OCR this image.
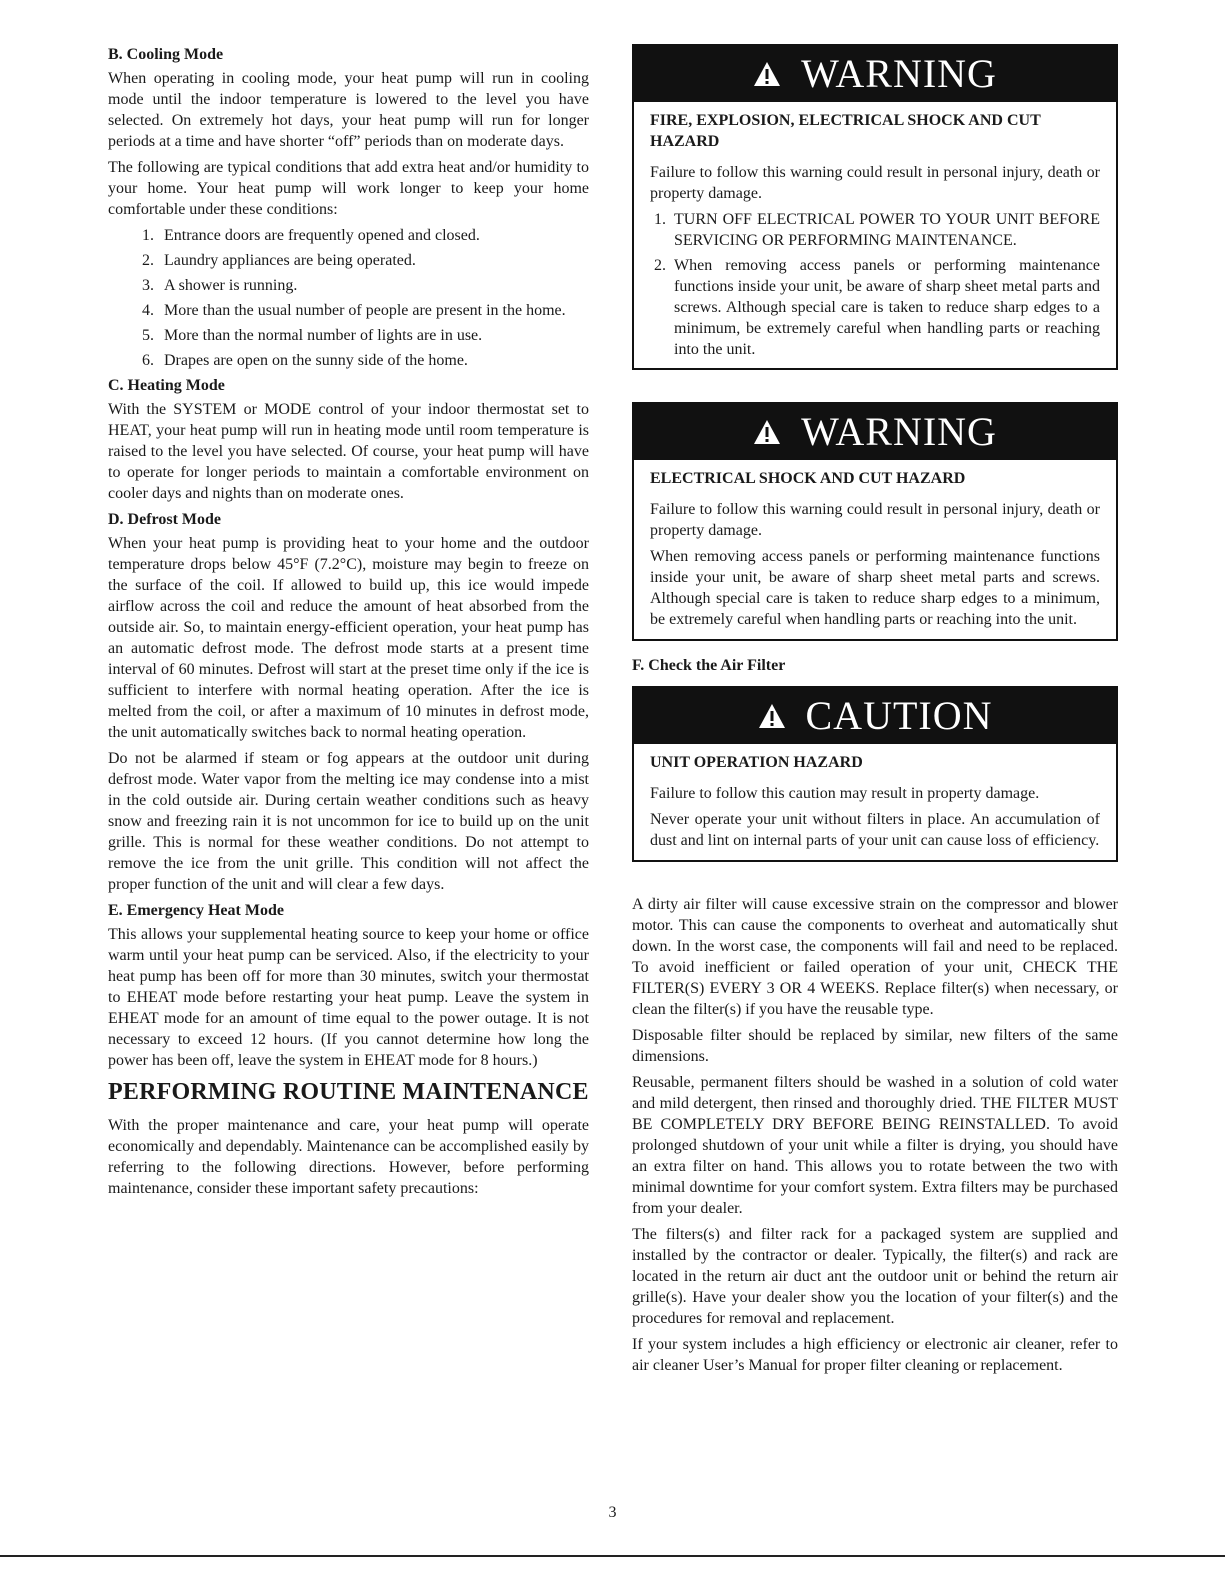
B. Cooling Mode

When operating in cooling mode, your heat pump will run in cooling mode until the indoor temperature is lowered to the level you have selected. On extremely hot days, your heat pump will run for longer periods at a time and have shorter “off” periods than on moderate days.

The following are typical conditions that add extra heat and/or humidity to your home. Your heat pump will work longer to keep your home comfortable under these conditions:

1. Entrance doors are frequently opened and closed.
2. Laundry appliances are being operated.
3. A shower is running.
4. More than the usual number of people are present in the home.
5. More than the normal number of lights are in use.
6. Drapes are open on the sunny side of the home.
C. Heating Mode

With the SYSTEM or MODE control of your indoor thermostat set to HEAT, your heat pump will run in heating mode until room temperature is raised to the level you have selected. Of course, your heat pump will have to operate for longer periods to maintain a comfortable environment on cooler days and nights than on moderate ones.

D. Defrost Mode

When your heat pump is providing heat to your home and the outdoor temperature drops below 45°F (7.2°C), moisture may begin to freeze on the surface of the coil. If allowed to build up, this ice would impede airflow across the coil and reduce the amount of heat absorbed from the outside air. So, to maintain energy-efficient operation, your heat pump has an automatic defrost mode. The defrost mode starts at a present time interval of 60 minutes. Defrost will start at the preset time only if the ice is sufficient to interfere with normal heating operation. After the ice is melted from the coil, or after a maximum of 10 minutes in defrost mode, the unit automatically switches back to normal heating operation.

Do not be alarmed if steam or fog appears at the outdoor unit during defrost mode. Water vapor from the melting ice may condense into a mist in the cold outside air. During certain weather conditions such as heavy snow and freezing rain it is not uncommon for ice to build up on the unit grille. This is normal for these weather conditions. Do not attempt to remove the ice from the unit grille. This condition will not affect the proper function of the unit and will clear a few days.

E. Emergency Heat Mode

This allows your supplemental heating source to keep your home or office warm until your heat pump can be serviced. Also, if the electricity to your heat pump has been off for more than 30 minutes, switch your thermostat to EHEAT mode before restarting your heat pump. Leave the system in EHEAT mode for an amount of time equal to the power outage. It is not necessary to exceed 12 hours. (If you cannot determine how long the power has been off, leave the system in EHEAT mode for 8 hours.)

PERFORMING ROUTINE MAINTENANCE

With the proper maintenance and care, your heat pump will operate economically and dependably. Maintenance can be accomplished easily by referring to the following directions. However, before performing maintenance, consider these important safety precautions:

WARNING
FIRE, EXPLOSION, ELECTRICAL SHOCK AND CUT HAZARD

Failure to follow this warning could result in personal injury, death or property damage.

1. TURN OFF ELECTRICAL POWER TO YOUR UNIT BEFORE SERVICING OR PERFORMING MAINTENANCE.
2. When removing access panels or performing maintenance functions inside your unit, be aware of sharp sheet metal parts and screws. Although special care is taken to reduce sharp edges to a minimum, be extremely careful when handling parts or reaching into the unit.
WARNING
ELECTRICAL SHOCK AND CUT HAZARD

Failure to follow this warning could result in personal injury, death or property damage.

When removing access panels or performing maintenance functions inside your unit, be aware of sharp sheet metal parts and screws. Although special care is taken to reduce sharp edges to a minimum, be extremely careful when handling parts or reaching into the unit.

F. Check the Air Filter
CAUTION
UNIT OPERATION HAZARD

Failure to follow this caution may result in property damage.

Never operate your unit without filters in place. An accumulation of dust and lint on internal parts of your unit can cause loss of efficiency.

A dirty air filter will cause excessive strain on the compressor and blower motor. This can cause the components to overheat and automatically shut down. In the worst case, the components will fail and need to be replaced. To avoid inefficient or failed operation of your unit, CHECK THE FILTER(S) EVERY 3 OR 4 WEEKS. Replace filter(s) when necessary, or clean the filter(s) if you have the reusable type.

Disposable filter should be replaced by similar, new filters of the same dimensions.

Reusable, permanent filters should be washed in a solution of cold water and mild detergent, then rinsed and thoroughly dried. THE FILTER MUST BE COMPLETELY DRY BEFORE BEING REINSTALLED. To avoid prolonged shutdown of your unit while a filter is drying, you should have an extra filter on hand. This allows you to rotate between the two with minimal downtime for your comfort system. Extra filters may be purchased from your dealer.

The filters(s) and filter rack for a packaged system are supplied and installed by the contractor or dealer. Typically, the filter(s) and rack are located in the return air duct ant the outdoor unit or behind the return air grille(s). Have your dealer show you the location of your filter(s) and the procedures for removal and replacement.

If your system includes a high efficiency or electronic air cleaner, refer to air cleaner User’s Manual for proper filter cleaning or replacement.

3
